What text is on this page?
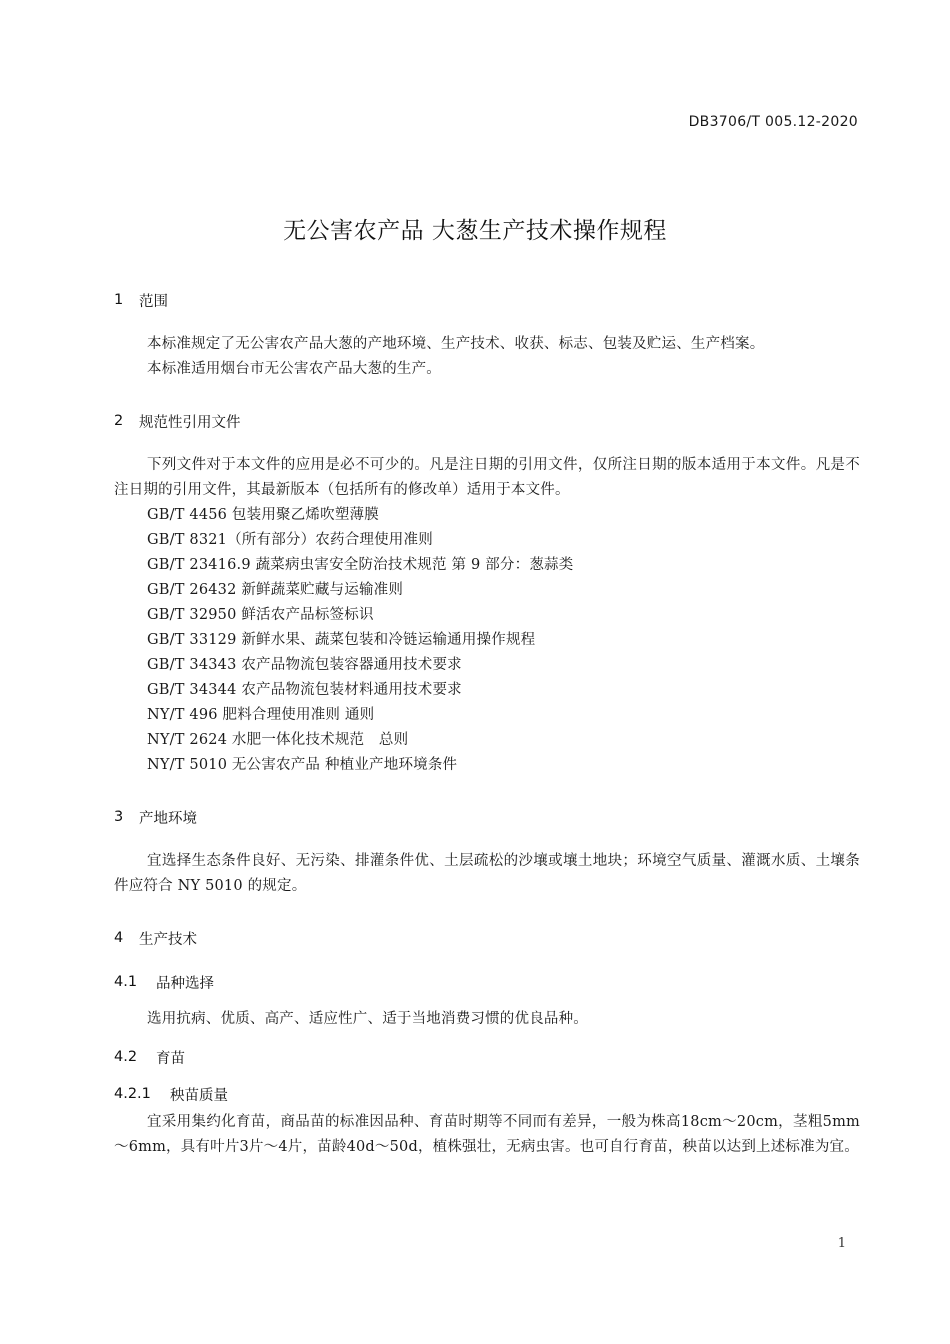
DB3706/T 005.12-2020
无公害农产品 大葱生产技术操作规程
1	范围
本标准规定了无公害农产品大葱的产地环境、生产技术、收获、标志、包装及贮运、生产档案。
本标准适用烟台市无公害农产品大葱的生产。
2	规范性引用文件
下列文件对于本文件的应用是必不可少的。凡是注日期的引用文件，仅所注日期的版本适用于本文件。凡是不注日期的引用文件，其最新版本（包括所有的修改单）适用于本文件。
GB/T 4456 包装用聚乙烯吹塑薄膜
GB/T 8321（所有部分）农药合理使用准则
GB/T 23416.9 蔬菜病虫害安全防治技术规范 第 9 部分：葱蒜类
GB/T 26432 新鲜蔬菜贮藏与运输准则
GB/T 32950 鲜活农产品标签标识
GB/T 33129 新鲜水果、蔬菜包装和冷链运输通用操作规程
GB/T 34343 农产品物流包装容器通用技术要求
GB/T 34344 农产品物流包装材料通用技术要求
NY/T 496 肥料合理使用准则 通则
NY/T 2624 水肥一体化技术规范　总则
NY/T 5010 无公害农产品 种植业产地环境条件
3	产地环境
宜选择生态条件良好、无污染、排灌条件优、土层疏松的沙壤或壤土地块；环境空气质量、灌溉水质、土壤条件应符合 NY 5010 的规定。
4	生产技术
4.1	品种选择
选用抗病、优质、高产、适应性广、适于当地消费习惯的优良品种。
4.2	育苗
4.2.1	秧苗质量
宜采用集约化育苗，商品苗的标准因品种、育苗时期等不同而有差异，一般为株高18cm～20cm，茎粗5mm～6mm，具有叶片3片～4片，苗龄40d～50d，植株强壮，无病虫害。也可自行育苗，秧苗以达到上述标准为宜。
1
